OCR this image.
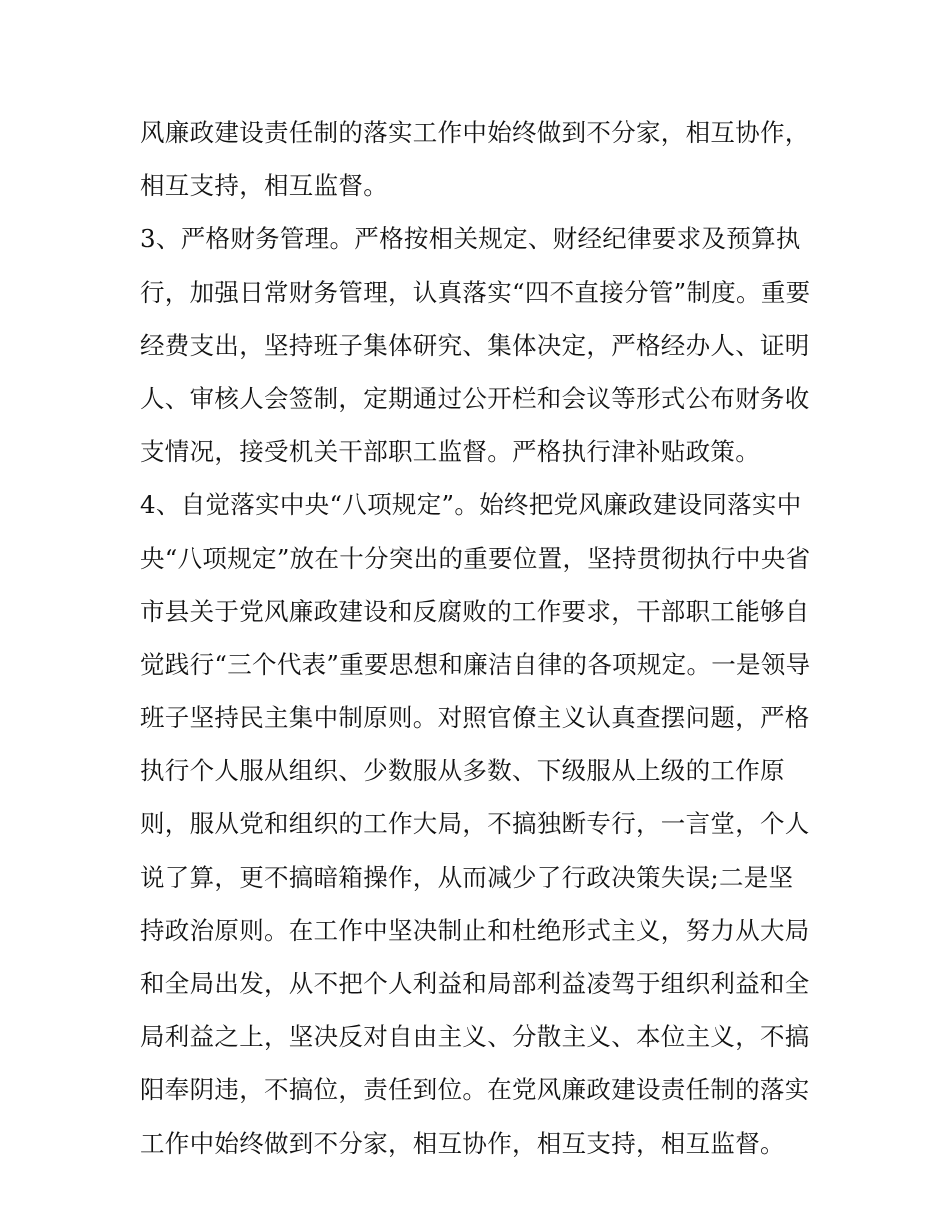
风廉政建设责任制的落实工作中始终做到不分家，相互协作，
相互支持，相互监督。
3、严格财务管理。严格按相关规定、财经纪律要求及预算执
行，加强日常财务管理，认真落实“四不直接分管”制度。重要
经费支出，坚持班子集体研究、集体决定，严格经办人、证明
人、审核人会签制，定期通过公开栏和会议等形式公布财务收
支情况，接受机关干部职工监督。严格执行津补贴政策。
4、自觉落实中央“八项规定”。始终把党风廉政建设同落实中
央“八项规定”放在十分突出的重要位置，坚持贯彻执行中央省
市县关于党风廉政建设和反腐败的工作要求，干部职工能够自
觉践行“三个代表”重要思想和廉洁自律的各项规定。一是领导
班子坚持民主集中制原则。对照官僚主义认真查摆问题，严格
执行个人服从组织、少数服从多数、下级服从上级的工作原
则，服从党和组织的工作大局，不搞独断专行，一言堂，个人
说了算，更不搞暗箱操作，从而减少了行政决策失误;二是坚
持政治原则。在工作中坚决制止和杜绝形式主义，努力从大局
和全局出发，从不把个人利益和局部利益凌驾于组织利益和全
局利益之上，坚决反对自由主义、分散主义、本位主义，不搞
阳奉阴违，不搞位，责任到位。在党风廉政建设责任制的落实
工作中始终做到不分家，相互协作，相互支持，相互监督。
